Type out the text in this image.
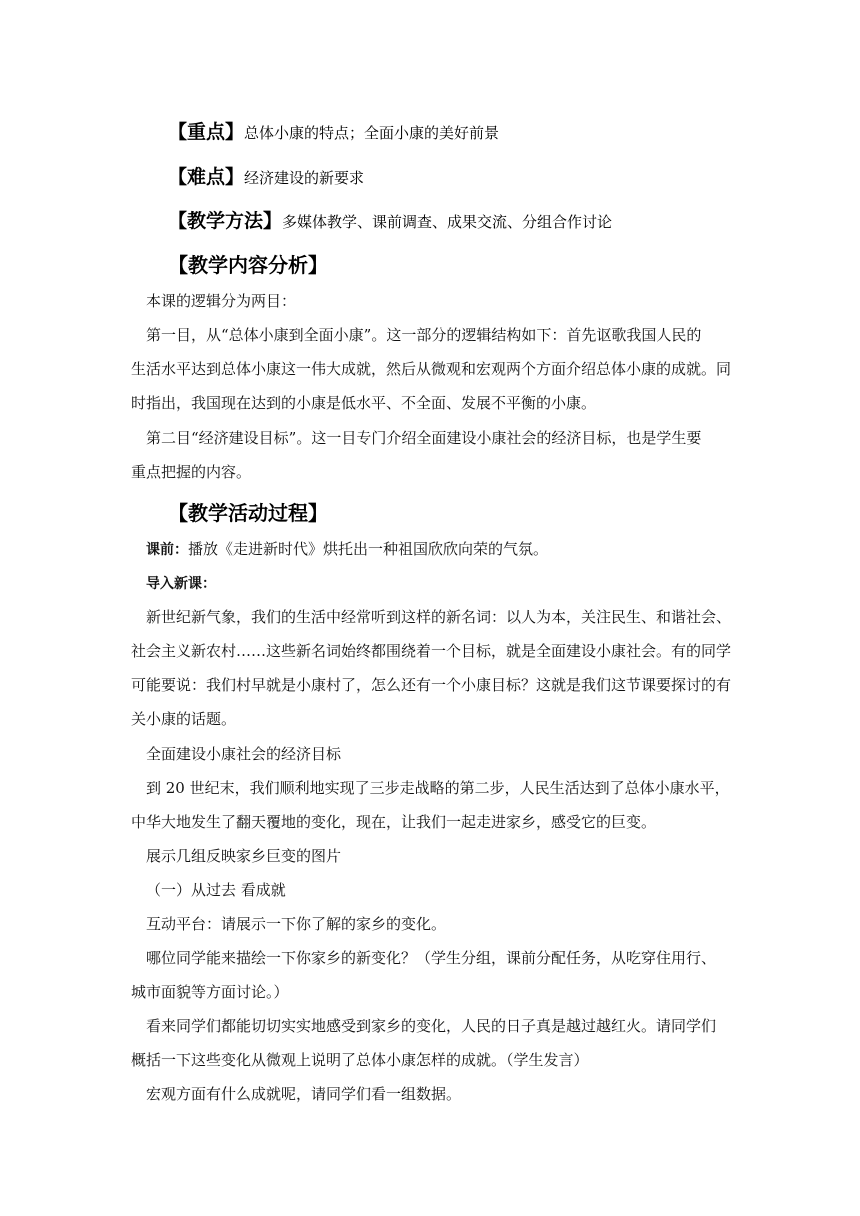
【重点】总体小康的特点；全面小康的美好前景
【难点】经济建设的新要求
【教学方法】多媒体教学、课前调查、成果交流、分组合作讨论
【教学内容分析】
本课的逻辑分为两目：
第一目，从“总体小康到全面小康”。这一部分的逻辑结构如下：首先讴歌我国人民的
生活水平达到总体小康这一伟大成就，然后从微观和宏观两个方面介绍总体小康的成就。同
时指出，我国现在达到的小康是低水平、不全面、发展不平衡的小康。
第二目“经济建设目标”。这一目专门介绍全面建设小康社会的经济目标，也是学生要
重点把握的内容。
【教学活动过程】
课前：播放《走进新时代》烘托出一种祖国欣欣向荣的气氛。
导入新课：
新世纪新气象，我们的生活中经常听到这样的新名词：以人为本，关注民生、和谐社会、
社会主义新农村……这些新名词始终都围绕着一个目标，就是全面建设小康社会。有的同学
可能要说：我们村早就是小康村了，怎么还有一个小康目标？这就是我们这节课要探讨的有
关小康的话题。
全面建设小康社会的经济目标
到 20 世纪末，我们顺利地实现了三步走战略的第二步，人民生活达到了总体小康水平，
中华大地发生了翻天覆地的变化，现在，让我们一起走进家乡，感受它的巨变。
展示几组反映家乡巨变的图片
（一）从过去 看成就
互动平台：请展示一下你了解的家乡的变化。
哪位同学能来描绘一下你家乡的新变化？（学生分组，课前分配任务，从吃穿住用行、
城市面貌等方面讨论。）
看来同学们都能切切实实地感受到家乡的变化，人民的日子真是越过越红火。请同学们
概括一下这些变化从微观上说明了总体小康怎样的成就。（学生发言）
宏观方面有什么成就呢，请同学们看一组数据。
